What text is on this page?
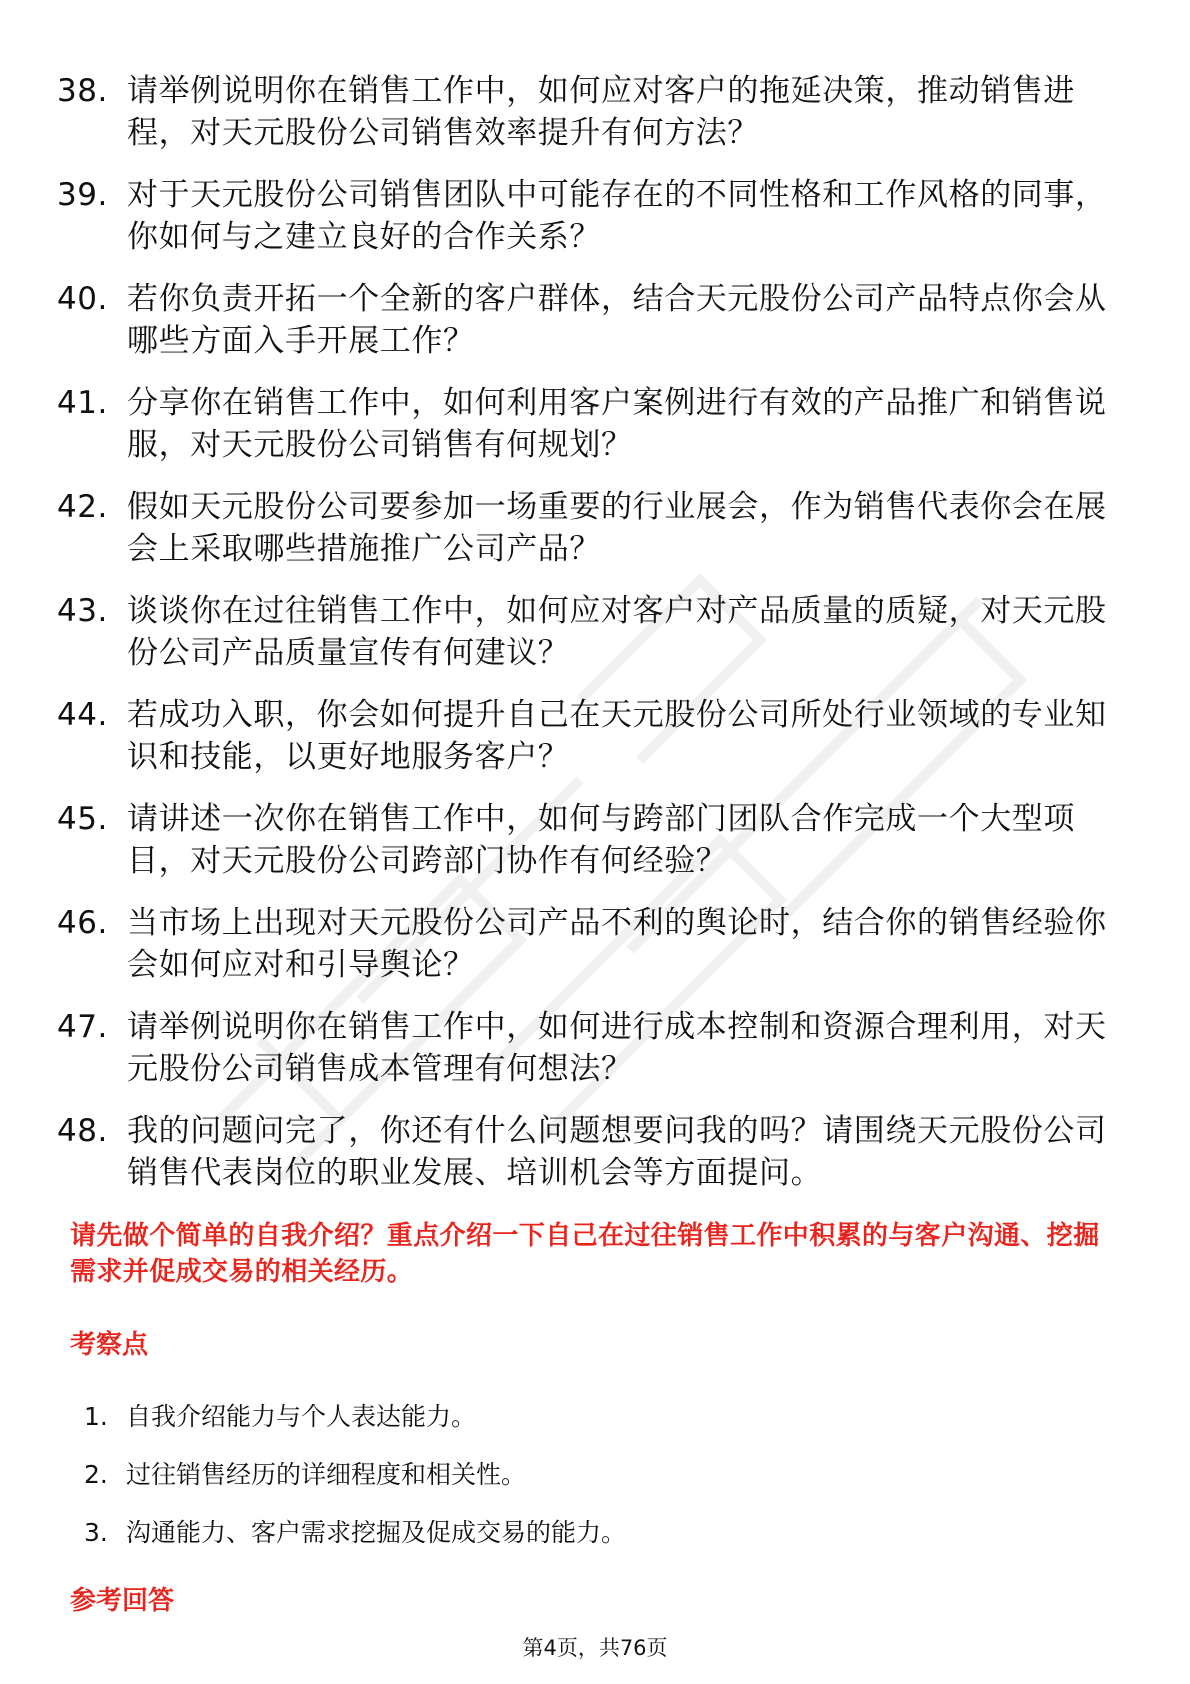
38. 请举例说明你在销售工作中，如何应对客户的拖延决策，推动销售进程，对天元股份公司销售效率提升有何方法？
39. 对于天元股份公司销售团队中可能存在的不同性格和工作风格的同事，你如何与之建立良好的合作关系？
40. 若你负责开拓一个全新的客户群体，结合天元股份公司产品特点你会从哪些方面入手开展工作？
41. 分享你在销售工作中，如何利用客户案例进行有效的产品推广和销售说服，对天元股份公司销售有何规划？
42. 假如天元股份公司要参加一场重要的行业展会，作为销售代表你会在展会上采取哪些措施推广公司产品？
43. 谈谈你在过往销售工作中，如何应对客户对产品质量的质疑，对天元股份公司产品质量宣传有何建议？
44. 若成功入职，你会如何提升自己在天元股份公司所处行业领域的专业知识和技能，以更好地服务客户？
45. 请讲述一次你在销售工作中，如何与跨部门团队合作完成一个大型项目，对天元股份公司跨部门协作有何经验？
46. 当市场上出现对天元股份公司产品不利的舆论时，结合你的销售经验你会如何应对和引导舆论？
47. 请举例说明你在销售工作中，如何进行成本控制和资源合理利用，对天元股份公司销售成本管理有何想法？
48. 我的问题问完了，你还有什么问题想要问我的吗？请围绕天元股份公司销售代表岗位的职业发展、培训机会等方面提问。

请先做个简单的自我介绍？重点介绍一下自己在过往销售工作中积累的与客户沟通、挖掘需求并促成交易的相关经历。

考察点
1. 自我介绍能力与个人表达能力。
2. 过往销售经历的详细程度和相关性。
3. 沟通能力、客户需求挖掘及促成交易的能力。
参考回答
第4页，共76页
